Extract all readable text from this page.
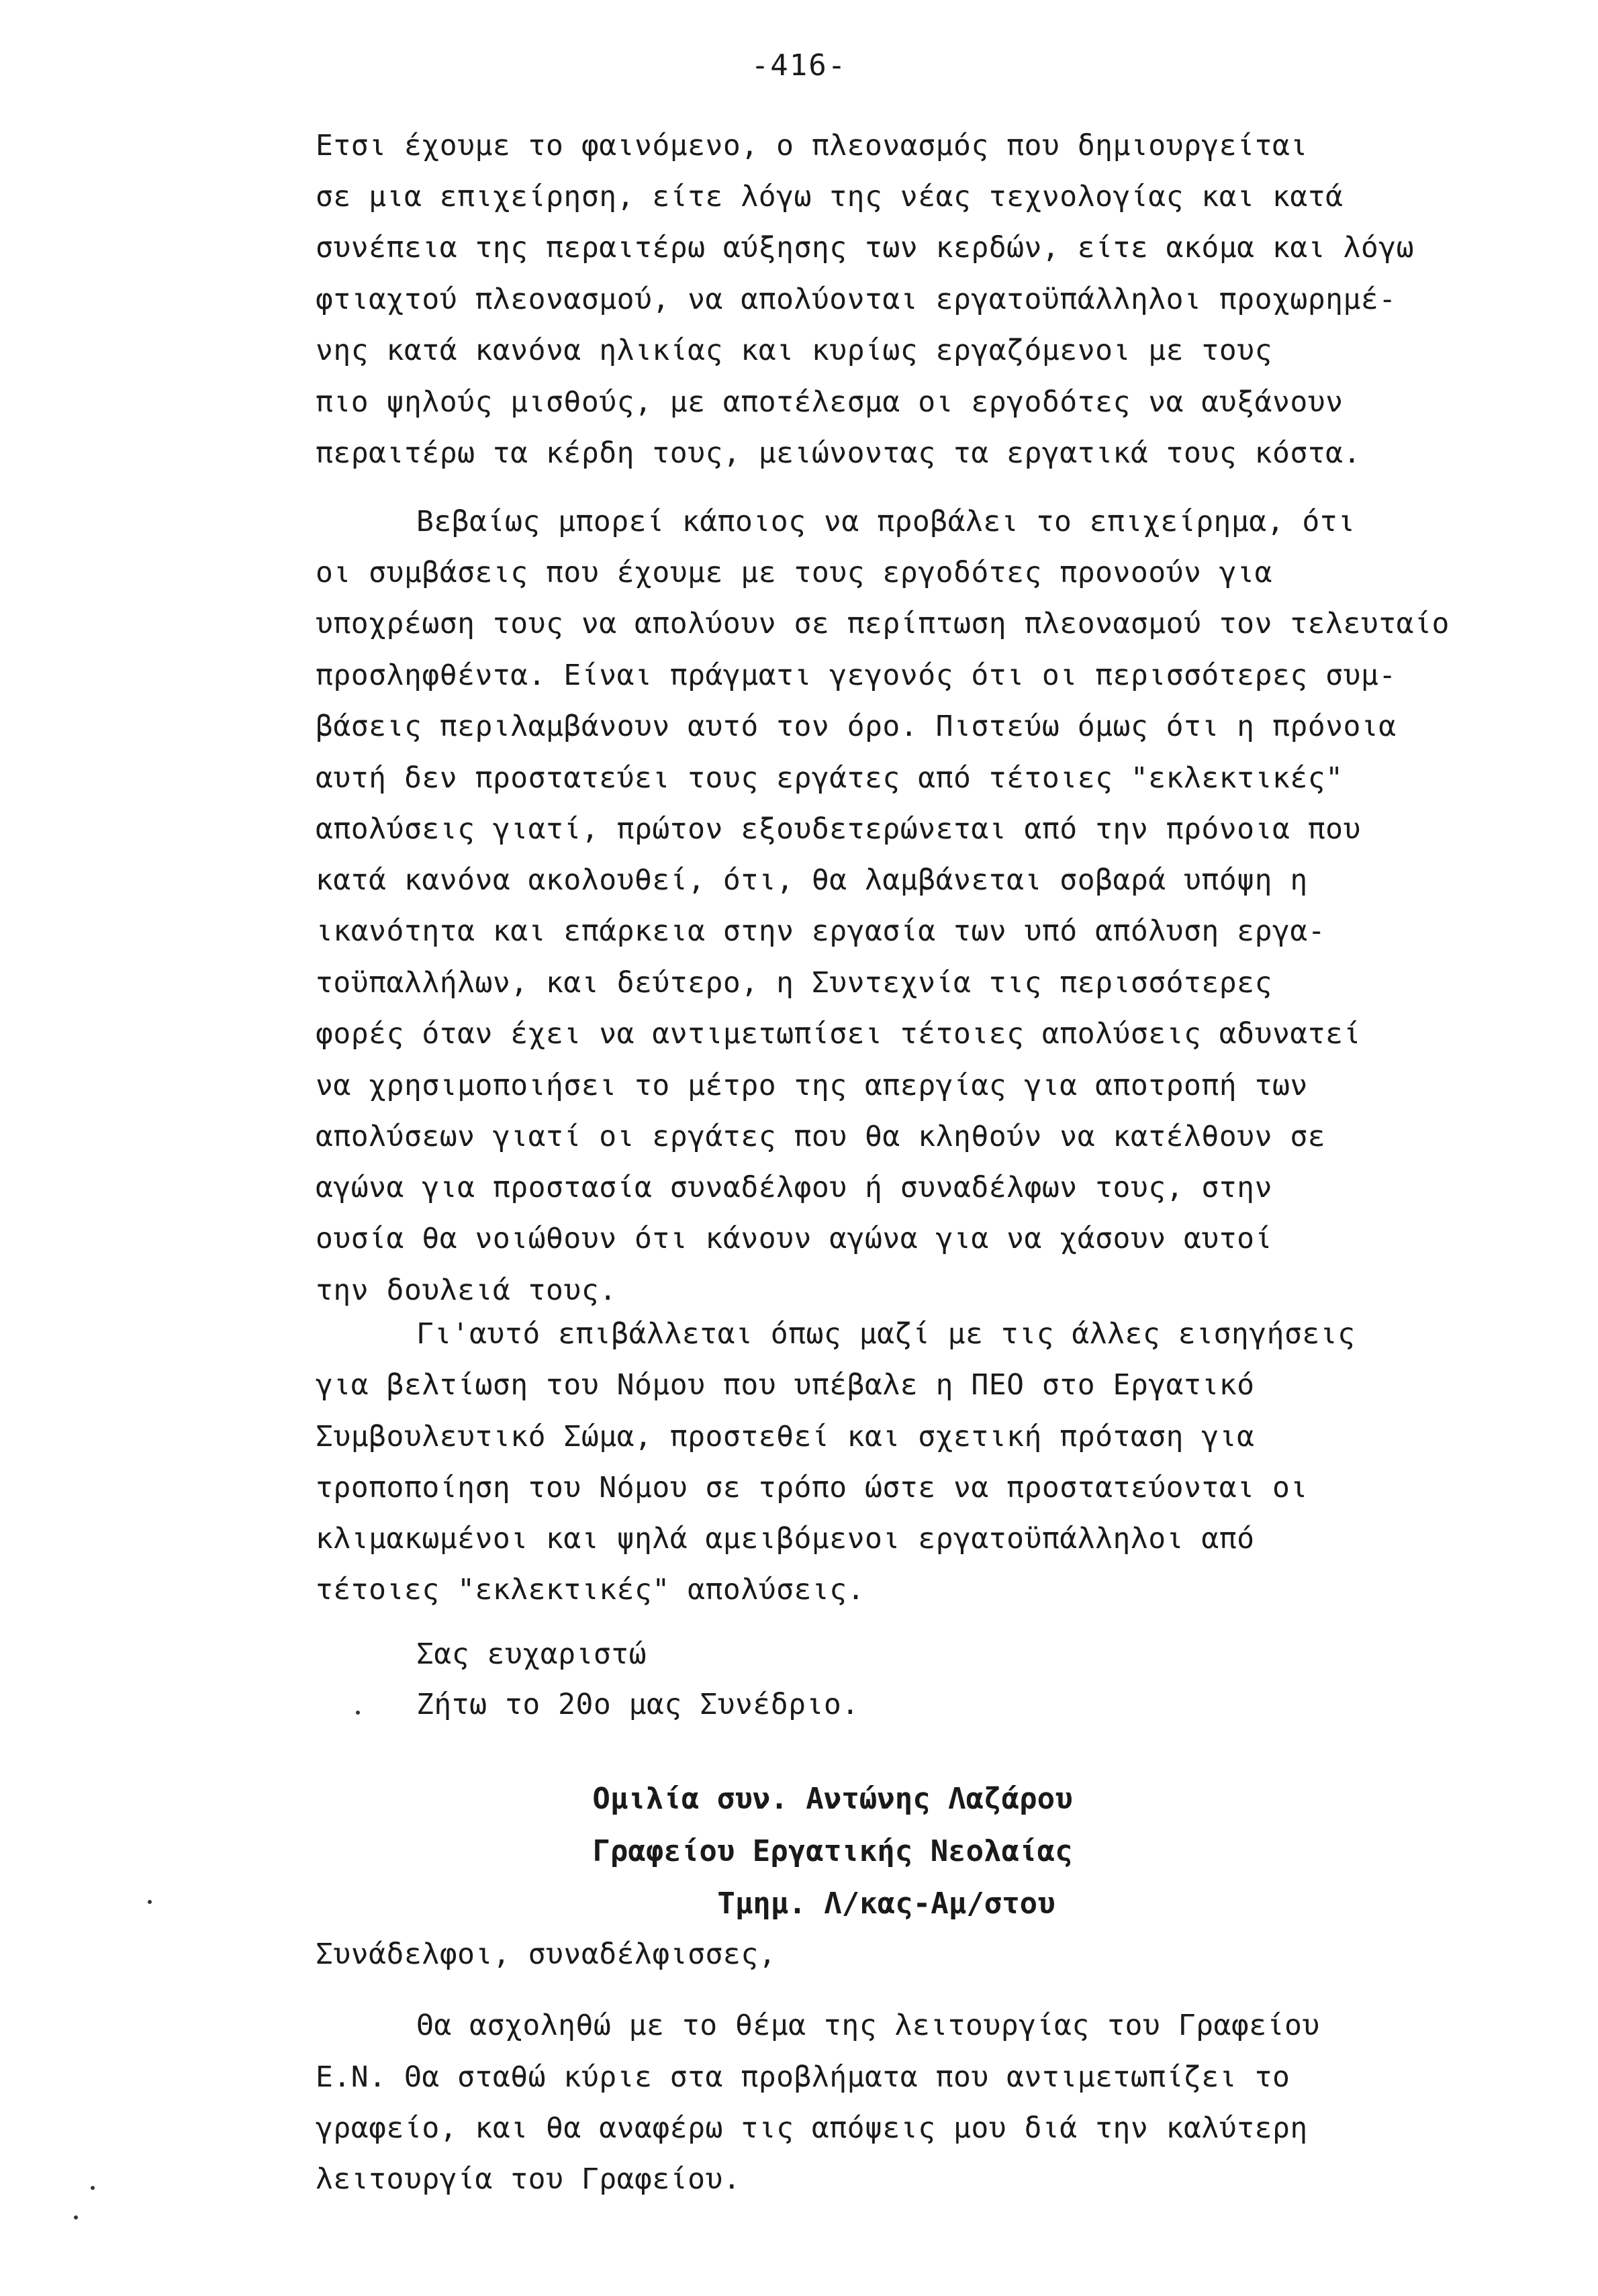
-416-
Ετσι έχουμε το φαινόμενο, ο πλεονασμός που δημιουργείται
σε μια επιχείρηση, είτε λόγω της νέας τεχνολογίας και κατά
συνέπεια της περαιτέρω αύξησης των κερδών, είτε ακόμα και λόγω
φτιαχτού πλεονασμού, να απολύονται εργατοϋπάλληλοι προχωρημέ-
νης κατά κανόνα ηλικίας και κυρίως εργαζόμενοι με τους
πιο ψηλούς μισθούς, με αποτέλεσμα οι εργοδότες να αυξάνουν
περαιτέρω τα κέρδη τους, μειώνοντας τα εργατικά τους κόστα.
Βεβαίως μπορεί κάποιος να προβάλει το επιχείρημα, ότι
οι συμβάσεις που έχουμε με τους εργοδότες προνοούν για
υποχρέωση τους να απολύουν σε περίπτωση πλεονασμού τον τελευταίο
προσληφθέντα. Είναι πράγματι γεγονός ότι οι περισσότερες συμ-
βάσεις περιλαμβάνουν αυτό τον όρο. Πιστεύω όμως ότι η πρόνοια
αυτή δεν προστατεύει τους εργάτες από τέτοιες "εκλεκτικές"
απολύσεις γιατί, πρώτον εξουδετερώνεται από την πρόνοια που
κατά κανόνα ακολουθεί, ότι, θα λαμβάνεται σοβαρά υπόψη η
ικανότητα και επάρκεια στην εργασία των υπό απόλυση εργα-
τοϋπαλλήλων, και δεύτερο, η Συντεχνία τις περισσότερες
φορές όταν έχει να αντιμετωπίσει τέτοιες απολύσεις αδυνατεί
να χρησιμοποιήσει το μέτρο της απεργίας για αποτροπή των
απολύσεων γιατί οι εργάτες που θα κληθούν να κατέλθουν σε
αγώνα για προστασία συναδέλφου ή συναδέλφων τους, στην
ουσία θα νοιώθουν ότι κάνουν αγώνα για να χάσουν αυτοί
την δουλειά τους.
Γι'αυτό επιβάλλεται όπως μαζί με τις άλλες εισηγήσεις
για βελτίωση του Νόμου που υπέβαλε η ΠΕΟ στο Εργατικό
Συμβουλευτικό Σώμα, προστεθεί και σχετική πρόταση για
τροποποίηση του Νόμου σε τρόπο ώστε να προστατεύονται οι
κλιμακωμένοι και ψηλά αμειβόμενοι εργατοϋπάλληλοι από
τέτοιες "εκλεκτικές" απολύσεις.
Σας ευχαριστώ
Ζήτω το 20ο μας Συνέδριο.
Ομιλία συν. Αντώνης Λαζάρου
Γραφείου Εργατικής Νεολαίας
Τμημ. Λ/κας-Αμ/στου
Συνάδελφοι, συναδέλφισσες,
Θα ασχοληθώ με το θέμα της λειτουργίας του Γραφείου
Ε.Ν. Θα σταθώ κύριε στα προβλήματα που αντιμετωπίζει το
γραφείο, και θα αναφέρω τις απόψεις μου διά την καλύτερη
λειτουργία του Γραφείου.
